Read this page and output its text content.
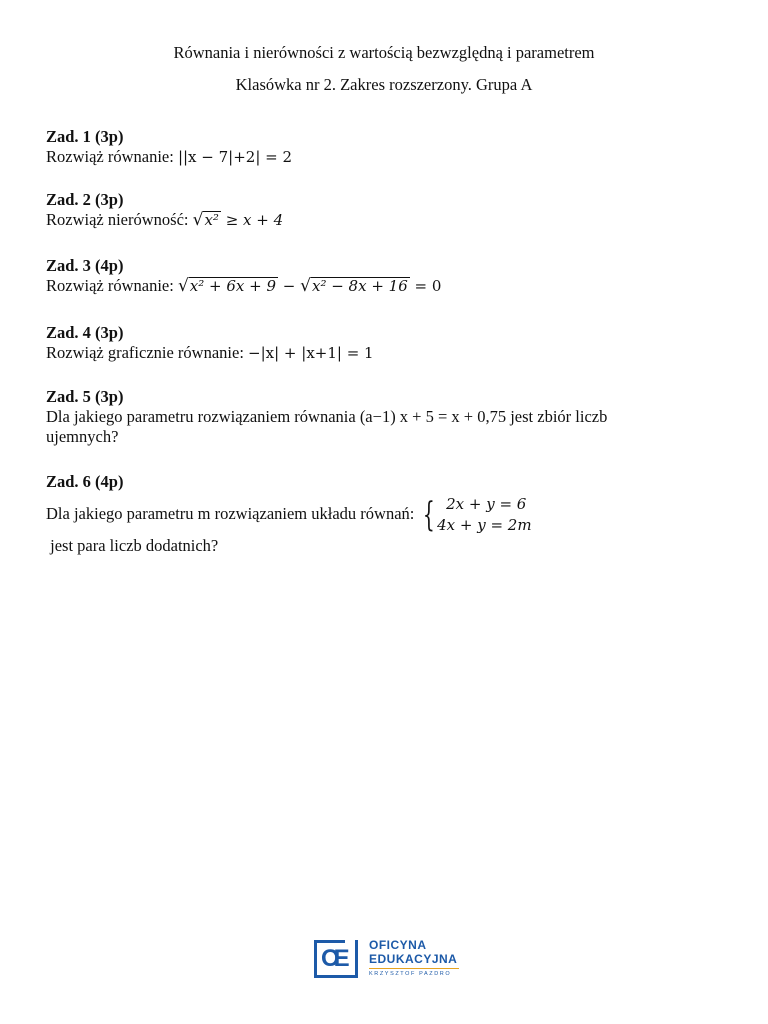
Równania i nierówności z wartością bezwzględną i parametrem
Klasówka nr 2. Zakres rozszerzony. Grupa A
Zad. 1 (3p)
Rozwiąż równanie: ||x − 7|+2| = 2
Zad. 2 (3p)
Rozwiąż nierówność: √ x² ≥ x + 4
Zad. 3 (4p)
Rozwiąż równanie: √ x² + 6x + 9 − √ x² − 8x + 16 = 0
Zad. 4 (3p)
Rozwiąż graficznie równanie: −|x| + |x+1| = 1
Zad. 5 (3p)
Dla jakiego parametru rozwiązaniem równania (a−1) x + 5 = x + 0,75 jest zbiór liczb
ujemnych?
Zad. 6 (4p)
Dla jakiego parametru m rozwiązaniem układu równań: { 2x + y = 6
4x + y = 2m
jest para liczb dodatnich?
OE OFICYNA
EDUKACYJNA
KRZYSZTOF PAZDRO
